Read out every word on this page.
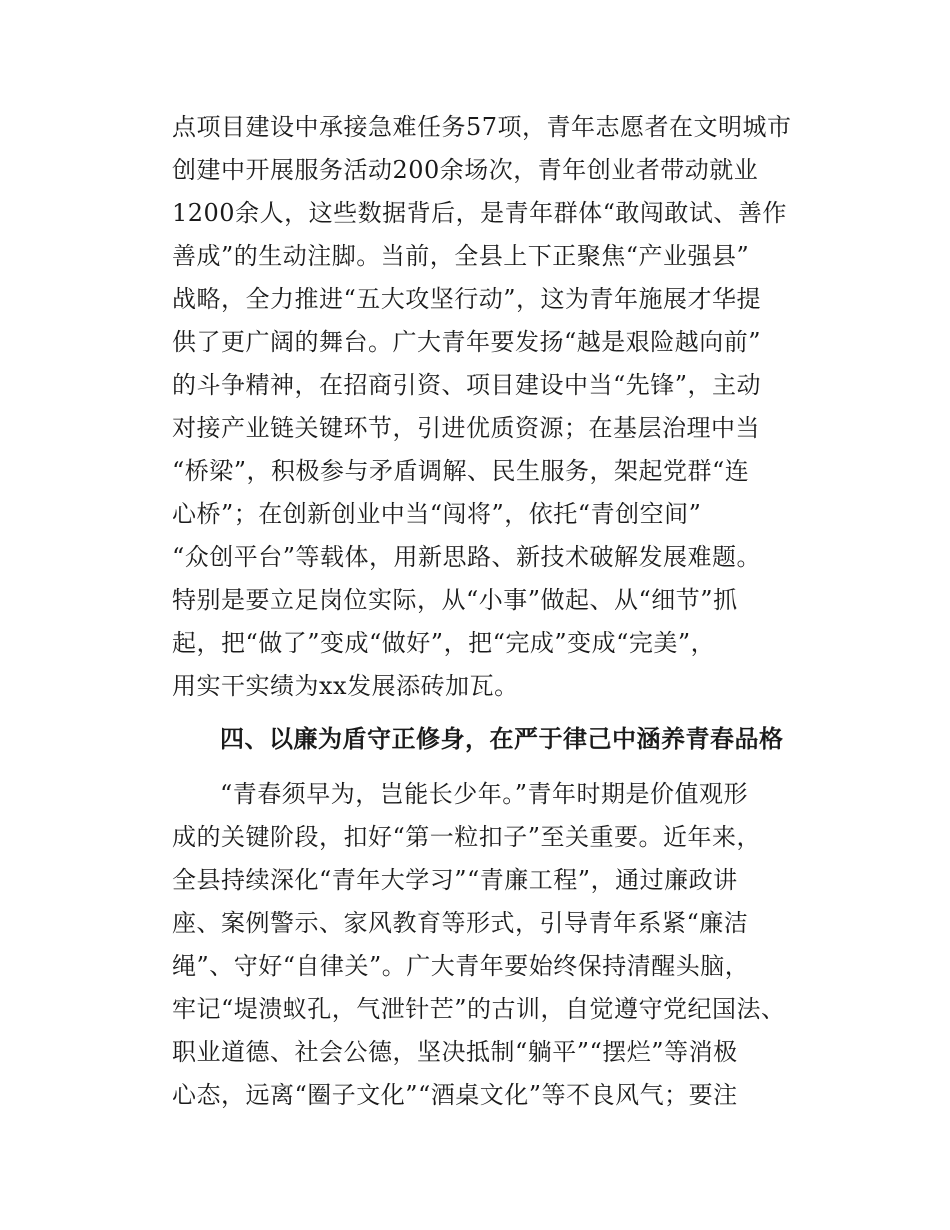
点项目建设中承接急难任务57项，青年志愿者在文明城市
创建中开展服务活动200余场次，青年创业者带动就业
1200余人，这些数据背后，是青年群体“敢闯敢试、善作
善成”的生动注脚。当前，全县上下正聚焦“产业强县”
战略，全力推进“五大攻坚行动”，这为青年施展才华提
供了更广阔的舞台。广大青年要发扬“越是艰险越向前”
的斗争精神，在招商引资、项目建设中当“先锋”，主动
对接产业链关键环节，引进优质资源；在基层治理中当
“桥梁”，积极参与矛盾调解、民生服务，架起党群“连
心桥”；在创新创业中当“闯将”，依托“青创空间”
“众创平台”等载体，用新思路、新技术破解发展难题。
特别是要立足岗位实际，从“小事”做起、从“细节”抓
起，把“做了”变成“做好”，把“完成”变成“完美”，
用实干实绩为xx发展添砖加瓦。
四、以廉为盾守正修身，在严于律己中涵养青春品格
“青春须早为，岂能长少年。”青年时期是价值观形
成的关键阶段，扣好“第一粒扣子”至关重要。近年来，
全县持续深化“青年大学习”“青廉工程”，通过廉政讲
座、案例警示、家风教育等形式，引导青年系紧“廉洁
绳”、守好“自律关”。广大青年要始终保持清醒头脑，
牢记“堤溃蚁孔，气泄针芒”的古训，自觉遵守党纪国法、
职业道德、社会公德，坚决抵制“躺平”“摆烂”等消极
心态，远离“圈子文化”“酒桌文化”等不良风气；要注
